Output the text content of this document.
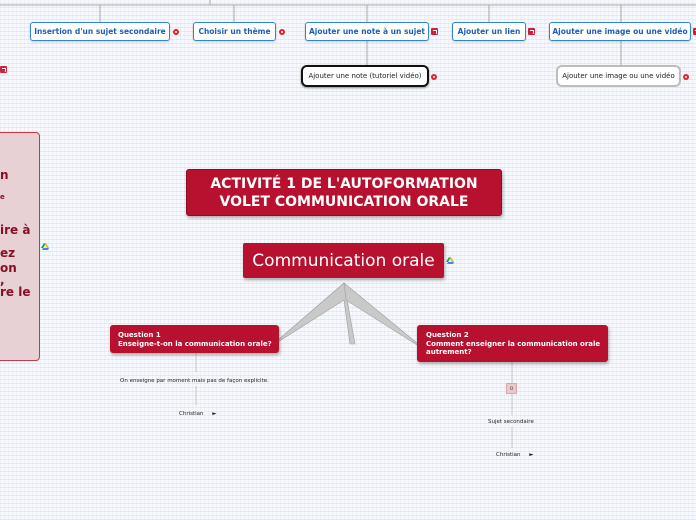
Insertion d'un sujet secondaire	Choisir un thème	Ajouter une note à un sujet	Ajouter un lien	Ajouter une image ou une vidéo
Ajouter une note (tutoriel vidéo)	Ajouter une image ou une vidéo
n
e
ire à
ez
on
,
re le
ACTIVITÉ 1 DE L'AUTOFORMATION
VOLET COMMUNICATION ORALE
Communication orale
Question 1
Enseigne-t-on la communication orale?
On enseigne par moment mais pas de façon explicite.
Christian ►
Question 2
Comment enseigner la communication orale
autrement?
o
Sujet secondaire
Christian ►
